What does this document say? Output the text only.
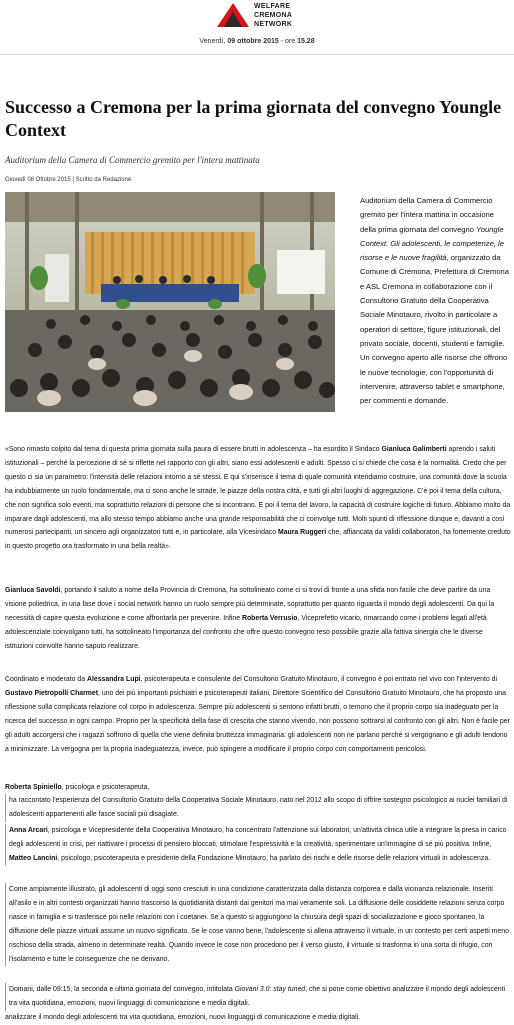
WELFARE
CREMONA
NETWORK
Venerdì, 09 ottobre 2015 - ore 15.28
Successo a Cremona per la prima giornata del convegno Youngle Context

Auditorium della Camera di Commercio gremito per l'intera mattinata

Giovedì 08 Ottobre 2015 | Scritto da Redazione

Auditorium della Camera di Commercio gremito per l'intera mattina in occasione della prima giornata del convegno Youngle Context. Gli adolescenti, le competenze, le risorse e le nuove fragilità, organizzato da Comune di Cremona, Prefettura di Cremona e ASL Cremona in collaborazione con il Consultorio Gratuito della Cooperativa Sociale Minotauro, rivolto in particolare a operatori di settore, figure istituzionali, del privato sociale, docenti, studenti e famiglie. Un convegno aperto alle risorse che offrono le nuove tecnologie, con l'opportunità di intervenire, attraverso tablet e smartphone, per commenti e domande.

«Sono rimasto colpito dal tema di questa prima giornata sulla paura di essere brutti in adolescenza – ha esordito il Sindaco Gianluca Galimberti aprendo i saluti istituzionali – perché la percezione di sé si riflette nel rapporto con gli altri, siano essi adolescenti e adulti. Spesso ci si chiede che cosa è la normalità. Credo che per questo ci sia un parametro: l'intensità delle relazioni intorno a sé stessi. E qui s'inserisce il tema di quale comunità intendiamo costruire, una comunità dove la scuola ha indubbiamente un ruolo fondamentale, ma ci sono anche le strade, le piazze della nostra città, e tutti gli altri luoghi di aggregazione. C'è poi il tema della cultura, che non significa solo eventi, ma soprattutto relazioni di persone che si incontrano. E poi il tema del lavoro, la capacità di costruire logiche di futuro. Abbiamo molto da imparare dagli adolescenti, ma allo stesso tempo abbiamo anche una grande responsabilità che ci coinvolge tutti. Molti spunti di riflessione dunque e, davanti a così numerosi partecipanti, un sincero agli organizzatori tutti e, in particolare, alla Vicesindaco Maura Ruggeri che, affiancata da validi collaboratori, ha fortemente creduto in questo progetto ora trasformato in una bella realtà».

Gianluca Savoldi, portando il saluto a nome della Provincia di Cremona, ha sottolineato come ci si trovi di fronte a una sfida non facile che deve partire da una visione poliedrica, in una fase dove i social network hanno un ruolo sempre più determinate, soprattutto per quanto riguarda il mondo degli adolescenti. Da qui la necessità di capire questa evoluzione e come affrontarla per prevenire. Infine Roberta Verrusio, Viceprefetto vicario, rimarcando come i problemi legati all'età adolescenziale coinvolgano tutti, ha sottolineato l'importanza del confronto che offre questo convegno reso possibile grazie alla fattiva sinergia che le diverse istituzioni coinvolte hanno saputo realizzare.

Coordinato e moderato da Alessandra Lupi, psicoterapeuta e consulente del Consultorio Gratuito Minotauro, il convegno è poi entrato nel vivo con l'intervento di Gustavo Pietropolli Charmet, uno dei più importanti psichiatri e psicoterapeuti italiani, Direttore Scientifico del Consultorio Gratuito Minotauro, che ha proposto una riflessione sulla complicata relazione col corpo in adolescenza. Sempre più adolescenti si sentono infatti brutti, o temono che il proprio corpo sia inadeguato per la ricerca del successo in ogni campo. Proprio per la specificità della fase di crescita che stanno vivendo, non possono sottrarsi al confronto con gli altri. Non è facile per gli adulti accorgersi che i ragazzi soffrono di quella che viene definita bruttezza immaginaria: gli adolescenti non ne parlano perché si vergognano e gli adulti tendono a minimizzare. La vergogna per la propria inadeguatezza, invece, può spingere a modificare il proprio corpo con comportamenti pericolosi.

Roberta Spiniello, psicologa e psicoterapeuta,

ha raccontato l'esperienza del Consultorio Gratuito della Cooperativa Sociale Minotauro, nato nel 2012 allo scopo di offrire sostegno psicologico ai nuclei familiari di adolescenti appartenenti alle fasce sociali più disagiate.

Anna Arcari, psicologa e Vicepresidente della Cooperativa Minotauro, ha concentrato l'attenzione sui laboratori, un'attività clinica utile a integrare la presa in carico degli adolescenti in crisi, per riattivare i processi di pensiero bloccati, stimolare l'espressività e la creatività, sperimentare un'immagine di sé più positiva. Infine, Matteo Lancini, psicologo, psicoterapeuta e presidente della Fondazione Minotauro, ha parlato dei rischi e delle risorse delle relazioni virtuali in adolescenza.

Come ampiamente illustrato, gli adolescenti di oggi sono cresciuti in una condizione caratterizzata dalla distanza corporea e dalla vicinanza relazionale. Inseriti all'asilo e in altri contesti organizzati hanno trascorso la quotidianità distanti dai genitori ma mai veramente soli. La diffusione delle cosiddette relazioni senza corpo nasce in famiglia e si trasferisce poi nelle relazioni con i coetanei. Se a questo si aggiungono la chiusura degli spazi di socializzazione e gioco spontaneo, la diffusione delle piazze virtuali assume un nuovo significato. Se le cose vanno bene, l'adolescente si allena attraverso il virtuale, in un contesto per certi aspetti meno rischioso della strada, almeno in determinate realtà. Quando invece le cose non procedono per il verso giusto, il virtuale si trasforma in una sorta di rifugio, con l'isolamento e tutte le conseguenze che ne derivano.

Domani, dalle 09:15, la seconda e ultima giornata del convegno, intitolata Giovani 3.0: stay tuned, che si pone come obiettivo analizzare il mondo degli adolescenti tra vita quotidiana, emozioni, nuovi linguaggi di comunicazione e media digitali.

analizzare il mondo degli adolescenti tra vita quotidiana, emozioni, nuovi linguaggi di comunicazione e media digitali.
